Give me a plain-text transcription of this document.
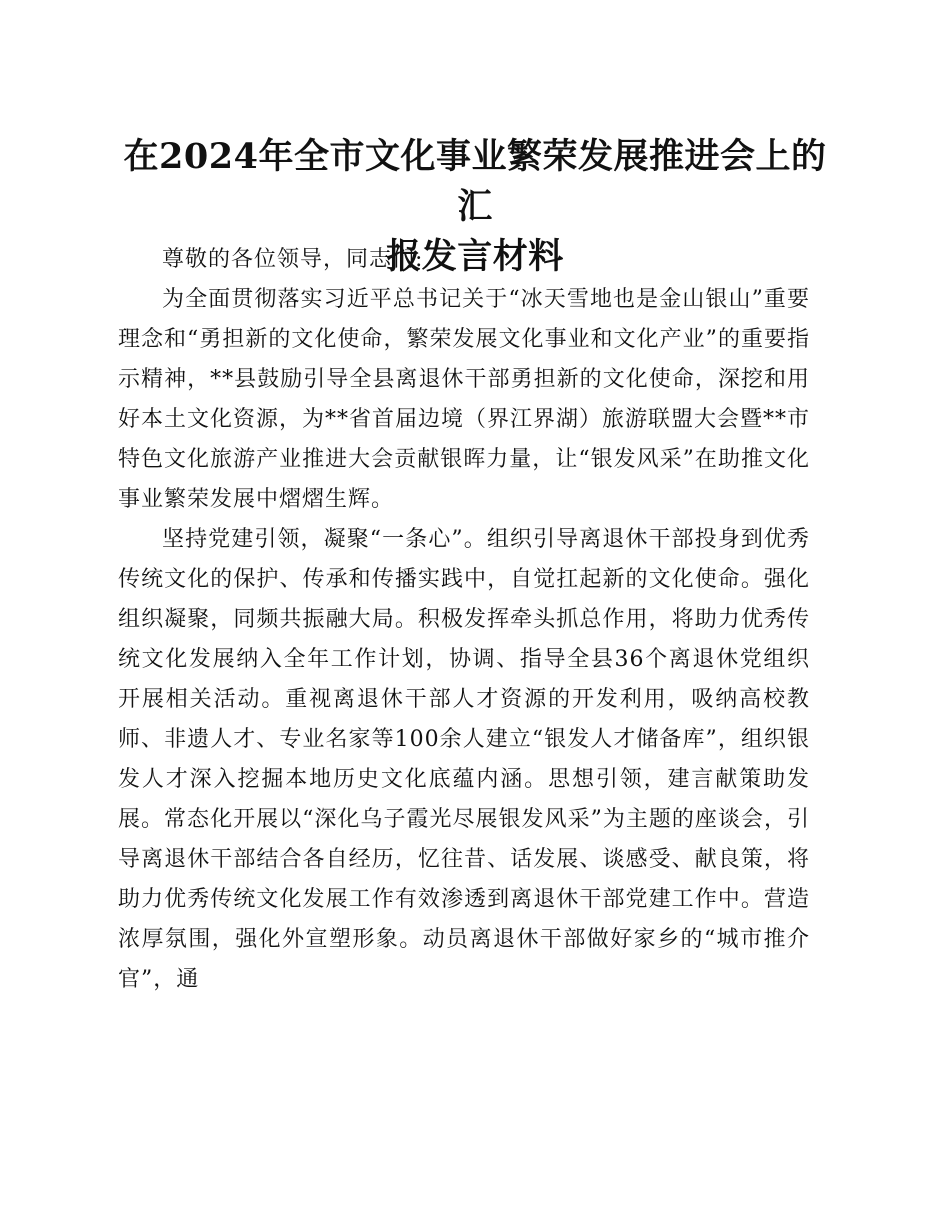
在2024年全市文化事业繁荣发展推进会上的汇
报发言材料

尊敬的各位领导，同志们:

为全面贯彻落实习近平总书记关于“冰天雪地也是金山银山”重要理念和“勇担新的文化使命，繁荣发展文化事业和文化产业”的重要指示精神，**县鼓励引导全县离退休干部勇担新的文化使命，深挖和用好本土文化资源，为**省首届边境（界江界湖）旅游联盟大会暨**市特色文化旅游产业推进大会贡献银晖力量，让“银发风采”在助推文化事业繁荣发展中熠熠生辉。

坚持党建引领，凝聚“一条心”。组织引导离退休干部投身到优秀传统文化的保护、传承和传播实践中，自觉扛起新的文化使命。强化组织凝聚，同频共振融大局。积极发挥牵头抓总作用，将助力优秀传统文化发展纳入全年工作计划，协调、指导全县36个离退休党组织开展相关活动。重视离退休干部人才资源的开发利用，吸纳高校教师、非遗人才、专业名家等100余人建立“银发人才储备库”，组织银发人才深入挖掘本地历史文化底蕴内涵。思想引领，建言献策助发展。常态化开展以“深化乌子霞光尽展银发风采”为主题的座谈会，引导离退休干部结合各自经历，忆往昔、话发展、谈感受、献良策，将助力优秀传统文化发展工作有效渗透到离退休干部党建工作中。营造浓厚氛围，强化外宣塑形象。动员离退休干部做好家乡的“城市推介官”，通
